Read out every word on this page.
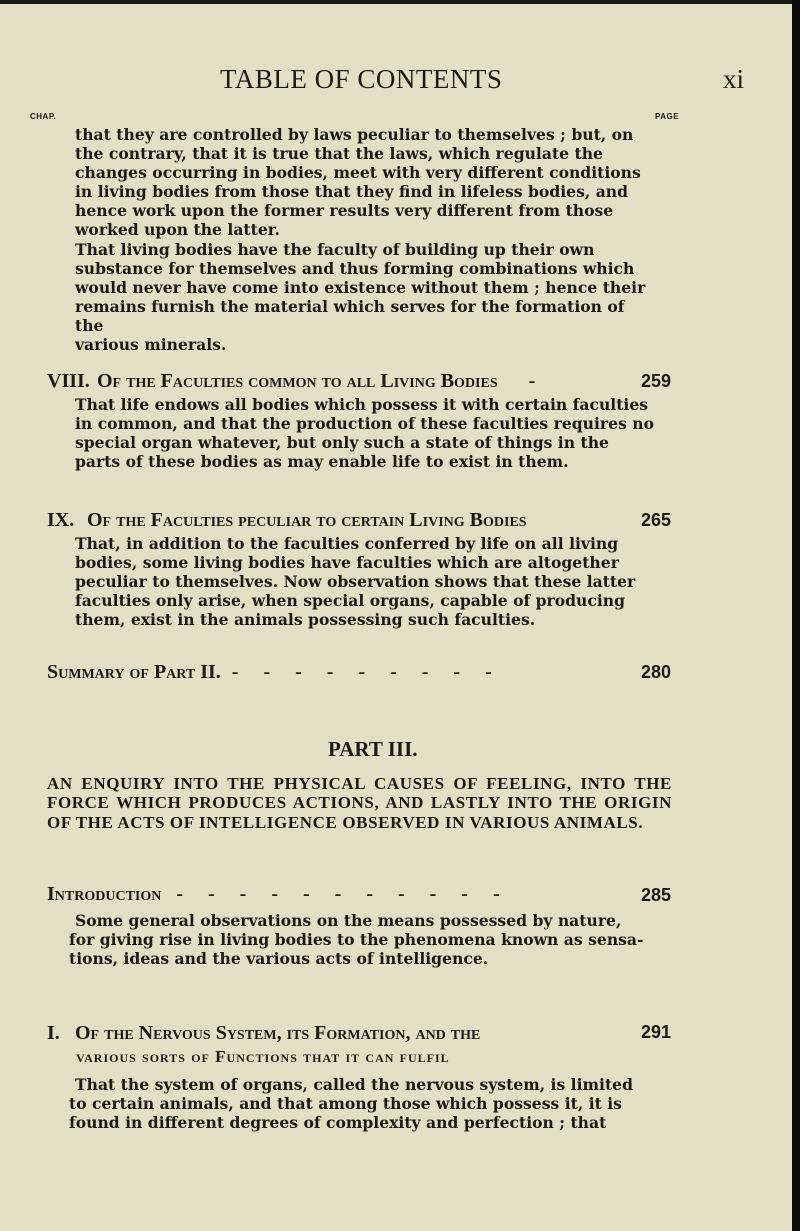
TABLE OF CONTENTS	xi
CHAP.	PAGE
that they are controlled by laws peculiar to themselves ; but, on
the contrary, that it is true that the laws, which regulate the
changes occurring in bodies, meet with very different conditions
in living bodies from those that they find in lifeless bodies, and
hence work upon the former results very different from those
worked upon the latter.
That living bodies have the faculty of building up their own
substance for themselves and thus forming combinations which
would never have come into existence without them ; hence their
remains furnish the material which serves for the formation of the
various minerals.
VIII. Of the Faculties common to all Living Bodies -	259
That life endows all bodies which possess it with certain faculties
in common, and that the production of these faculties requires no
special organ whatever, but only such a state of things in the
parts of these bodies as may enable life to exist in them.
IX. Of the Faculties peculiar to certain Living Bodies	265
That, in addition to the faculties conferred by life on all living
bodies, some living bodies have faculties which are altogether
peculiar to themselves. Now observation shows that these latter
faculties only arise, when special organs, capable of producing
them, exist in the animals possessing such faculties.
Summary of Part II. - - - - - - - - -	280
PART III.
AN ENQUIRY INTO THE PHYSICAL CAUSES OF FEELING, INTO THE FORCE WHICH PRODUCES ACTIONS, AND LASTLY INTO THE ORIGIN OF THE ACTS OF INTELLIGENCE OBSERVED IN VARIOUS ANIMALS.
Introduction - - - - - - - - - - -	285
Some general observations on the means possessed by nature,
for giving rise in living bodies to the phenomena known as sensa-
tions, ideas and the various acts of intelligence.
I. Of the Nervous System, its Formation, and the	291
various sorts of Functions that it can fulfil
That the system of organs, called the nervous system, is limited
to certain animals, and that among those which possess it, it is
found in different degrees of complexity and perfection ; that
